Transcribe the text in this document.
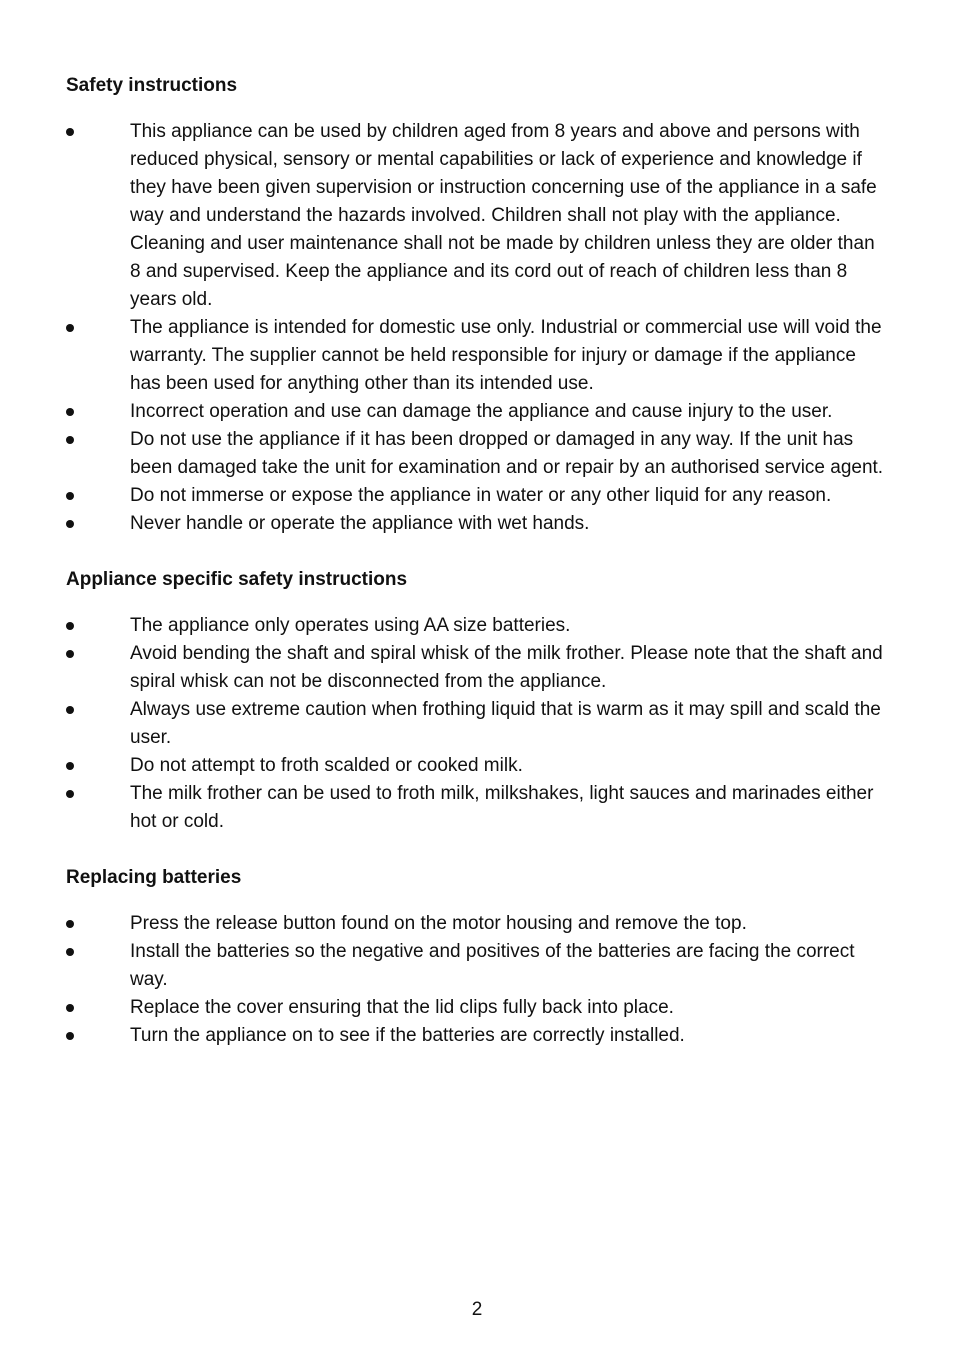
Safety instructions
This appliance can be used by children aged from 8 years and above and persons with reduced physical, sensory or mental capabilities or lack of experience and knowledge if they have been given supervision or instruction concerning use of the appliance in a safe way and understand the hazards involved. Children shall not play with the appliance. Cleaning and user maintenance shall not be made by children unless they are older than 8 and supervised. Keep the appliance and its cord out of reach of children less than 8 years old.
The appliance is intended for domestic use only. Industrial or commercial use will void the warranty. The supplier cannot be held responsible for injury or damage if the appliance has been used for anything other than its intended use.
Incorrect operation and use can damage the appliance and cause injury to the user.
Do not use the appliance if it has been dropped or damaged in any way. If the unit has been damaged take the unit for examination and or repair by an authorised service agent.
Do not immerse or expose the appliance in water or any other liquid for any reason.
Never handle or operate the appliance with wet hands.
Appliance specific safety instructions
The appliance only operates using AA size batteries.
Avoid bending the shaft and spiral whisk of the milk frother. Please note that the shaft and spiral whisk can not be disconnected from the appliance.
Always use extreme caution when frothing liquid that is warm as it may spill and scald the user.
Do not attempt to froth scalded or cooked milk.
The milk frother can be used to froth milk, milkshakes, light sauces and marinades either hot or cold.
Replacing batteries
Press the release button found on the motor housing and remove the top.
Install the batteries so the negative and positives of the batteries are facing the correct way.
Replace the cover ensuring that the lid clips fully back into place.
Turn the appliance on to see if the batteries are correctly installed.
2
